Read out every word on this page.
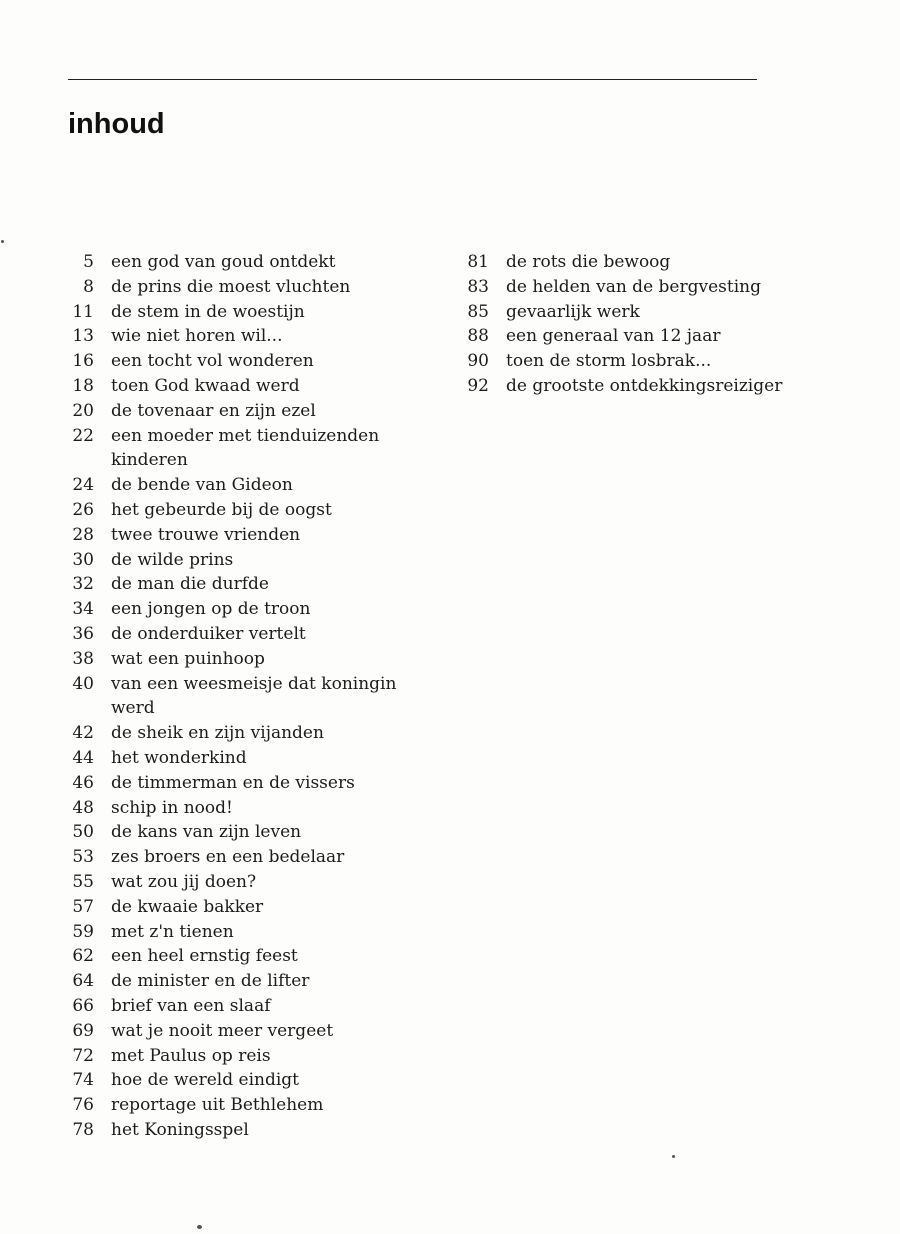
inhoud
5	een god van goud ontdekt
8	de prins die moest vluchten
11	de stem in de woestijn
13	wie niet horen wil...
16	een tocht vol wonderen
18	toen God kwaad werd
20	de tovenaar en zijn ezel
22	een moeder met tienduizenden kinderen
24	de bende van Gideon
26	het gebeurde bij de oogst
28	twee trouwe vrienden
30	de wilde prins
32	de man die durfde
34	een jongen op de troon
36	de onderduiker vertelt
38	wat een puinhoop
40	van een weesmeisje dat koningin werd
42	de sheik en zijn vijanden
44	het wonderkind
46	de timmerman en de vissers
48	schip in nood!
50	de kans van zijn leven
53	zes broers en een bedelaar
55	wat zou jij doen?
57	de kwaaie bakker
59	met z'n tienen
62	een heel ernstig feest
64	de minister en de lifter
66	brief van een slaaf
69	wat je nooit meer vergeet
72	met Paulus op reis
74	hoe de wereld eindigt
76	reportage uit Bethlehem
78	het Koningsspel
81	de rots die bewoog
83	de helden van de bergvesting
85	gevaarlijk werk
88	een generaal van 12 jaar
90	toen de storm losbrak...
92	de grootste ontdekkingsreiziger
